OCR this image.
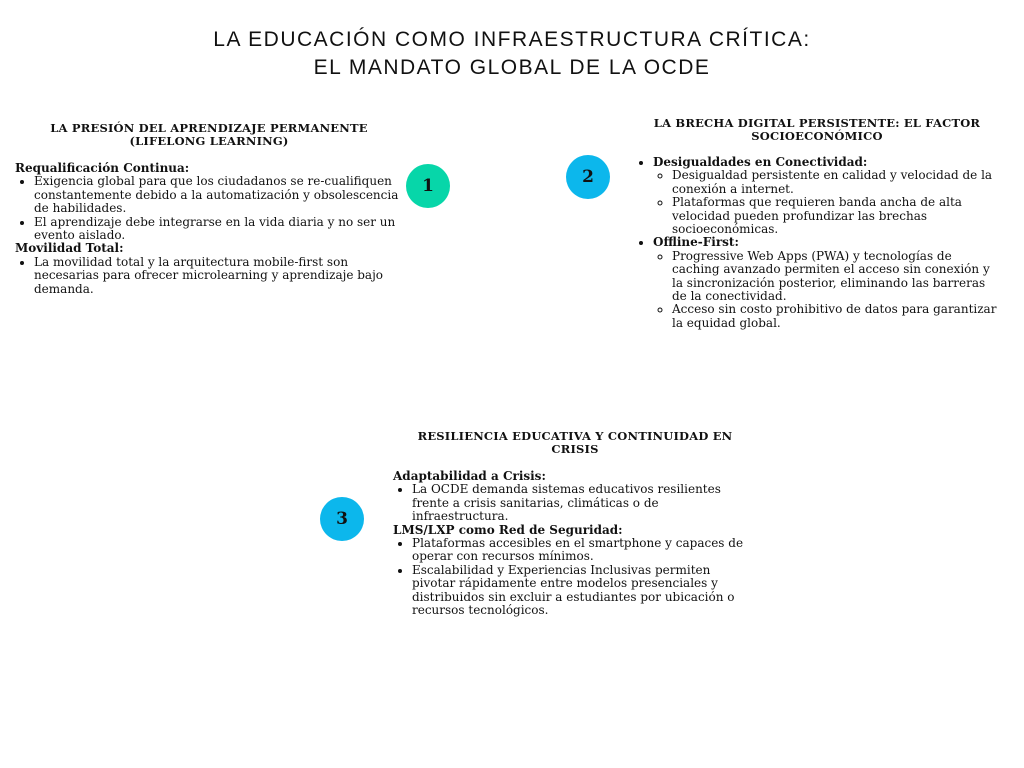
LA EDUCACIÓN COMO INFRAESTRUCTURA CRÍTICA:
EL MANDATO GLOBAL DE LA OCDE
LA PRESIÓN DEL APRENDIZAJE PERMANENTE (LIFELONG LEARNING)

Requalificación Continua:

• Exigencia global para que los ciudadanos se re-cualifiquen constantemente debido a la automatización y obsolescencia de habilidades.
• El aprendizaje debe integrarse en la vida diaria y no ser un evento aislado.

Movilidad Total:

• La movilidad total y la arquitectura mobile-first son necesarias para ofrecer microlearning y aprendizaje bajo demanda.
1	2
LA BRECHA DIGITAL PERSISTENTE: EL FACTOR SOCIOECONÓMICO
• Desigualdades en Conectividad:
◦ Desigualdad persistente en calidad y velocidad de la conexión a internet.
◦ Plataformas que requieren banda ancha de alta velocidad pueden profundizar las brechas socioeconómicas.
• Offline-First:
◦ Progressive Web Apps (PWA) y tecnologías de caching avanzado permiten el acceso sin conexión y la sincronización posterior, eliminando las barreras de la conectividad.
◦ Acceso sin costo prohibitivo de datos para garantizar la equidad global.
3
RESILIENCIA EDUCATIVA Y CONTINUIDAD EN CRISIS

Adaptabilidad a Crisis:

• La OCDE demanda sistemas educativos resilientes frente a crisis sanitarias, climáticas o de infraestructura.

LMS/LXP como Red de Seguridad:

• Plataformas accesibles en el smartphone y capaces de operar con recursos mínimos.
• Escalabilidad y Experiencias Inclusivas permiten pivotar rápidamente entre modelos presenciales y distribuidos sin excluir a estudiantes por ubicación o recursos tecnológicos.
